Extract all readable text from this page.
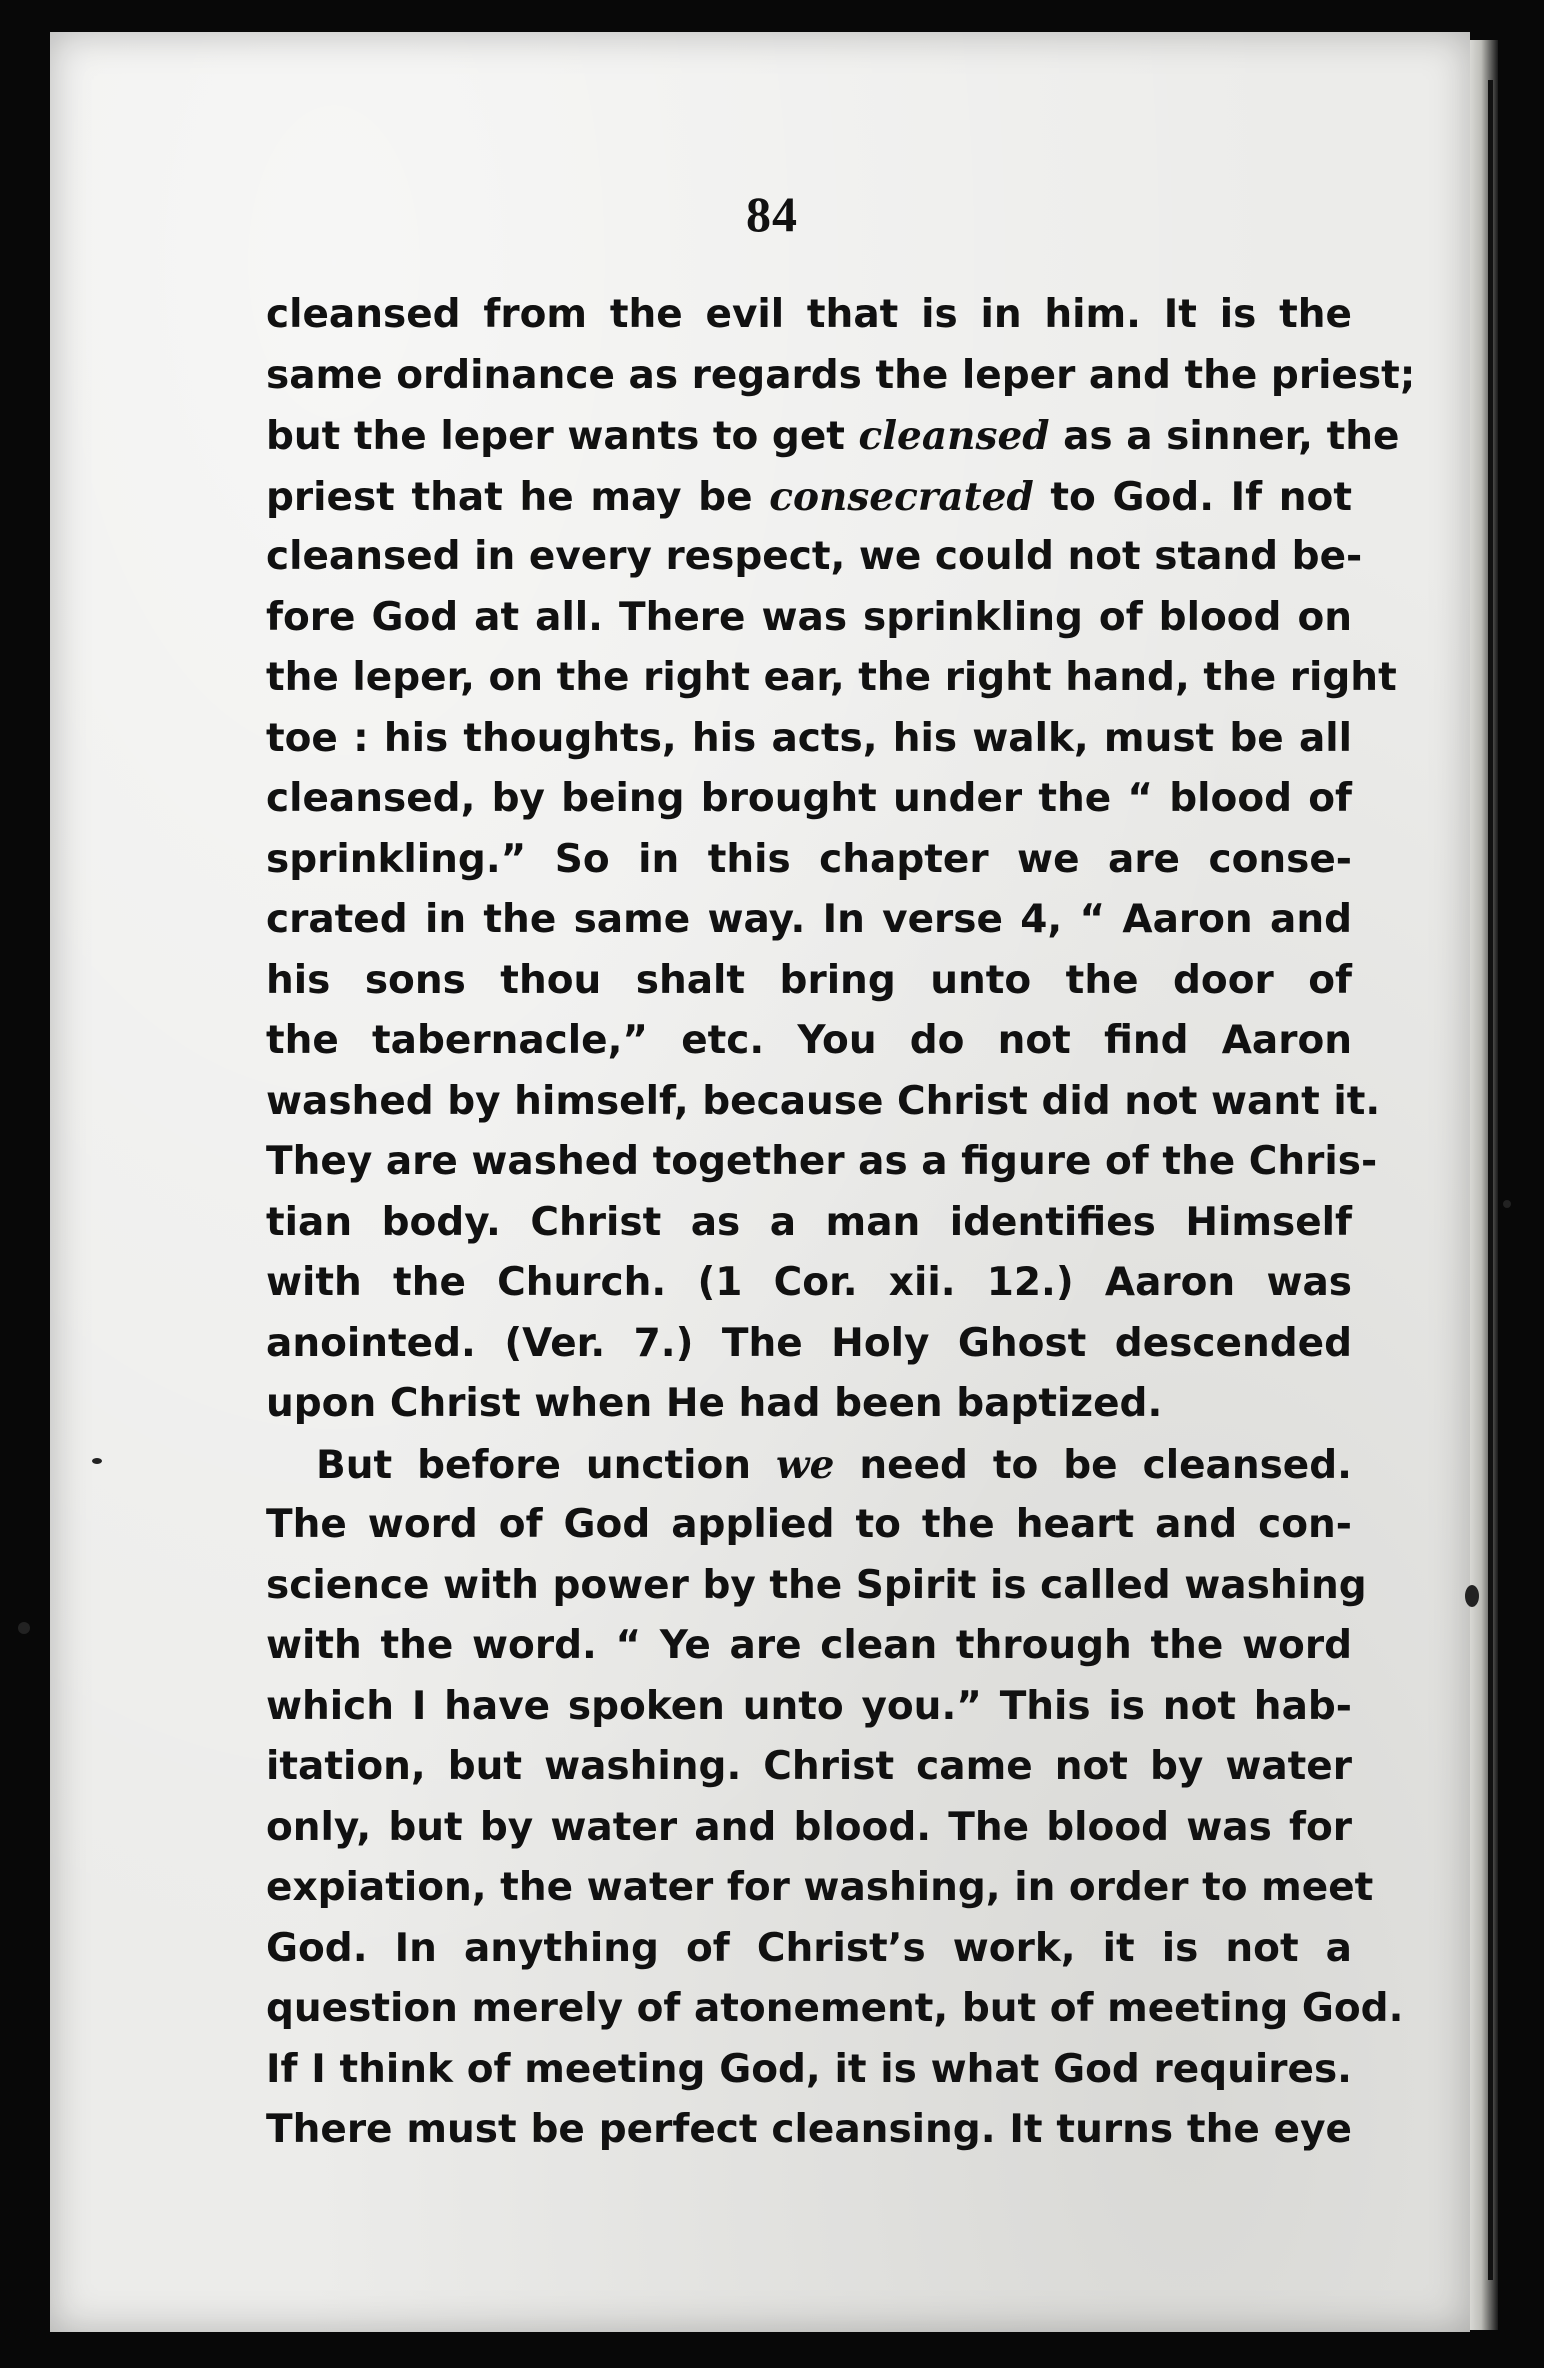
84
cleansed from the evil that is in him. It is the
same ordinance as regards the leper and the priest;
but the leper wants to get cleansed as a sinner, the
priest that he may be consecrated to God. If not
cleansed in every respect, we could not stand be-
fore God at all. There was sprinkling of blood on
the leper, on the right ear, the right hand, the right
toe : his thoughts, his acts, his walk, must be all
cleansed, by being brought under the “ blood of
sprinkling.” So in this chapter we are conse-
crated in the same way. In verse 4, “ Aaron and
his sons thou shalt bring unto the door of
the tabernacle,” etc. You do not find Aaron
washed by himself, because Christ did not want it.
They are washed together as a figure of the Chris-
tian body. Christ as a man identifies Himself
with the Church. (1 Cor. xii. 12.) Aaron was
anointed. (Ver. 7.) The Holy Ghost descended
upon Christ when He had been baptized.
But before unction we need to be cleansed.
The word of God applied to the heart and con-
science with power by the Spirit is called washing
with the word. “ Ye are clean through the word
which I have spoken unto you.” This is not hab-
itation, but washing. Christ came not by water
only, but by water and blood. The blood was for
expiation, the water for washing, in order to meet
God. In anything of Christ’s work, it is not a
question merely of atonement, but of meeting God.
If I think of meeting God, it is what God requires.
There must be perfect cleansing. It turns the eye
